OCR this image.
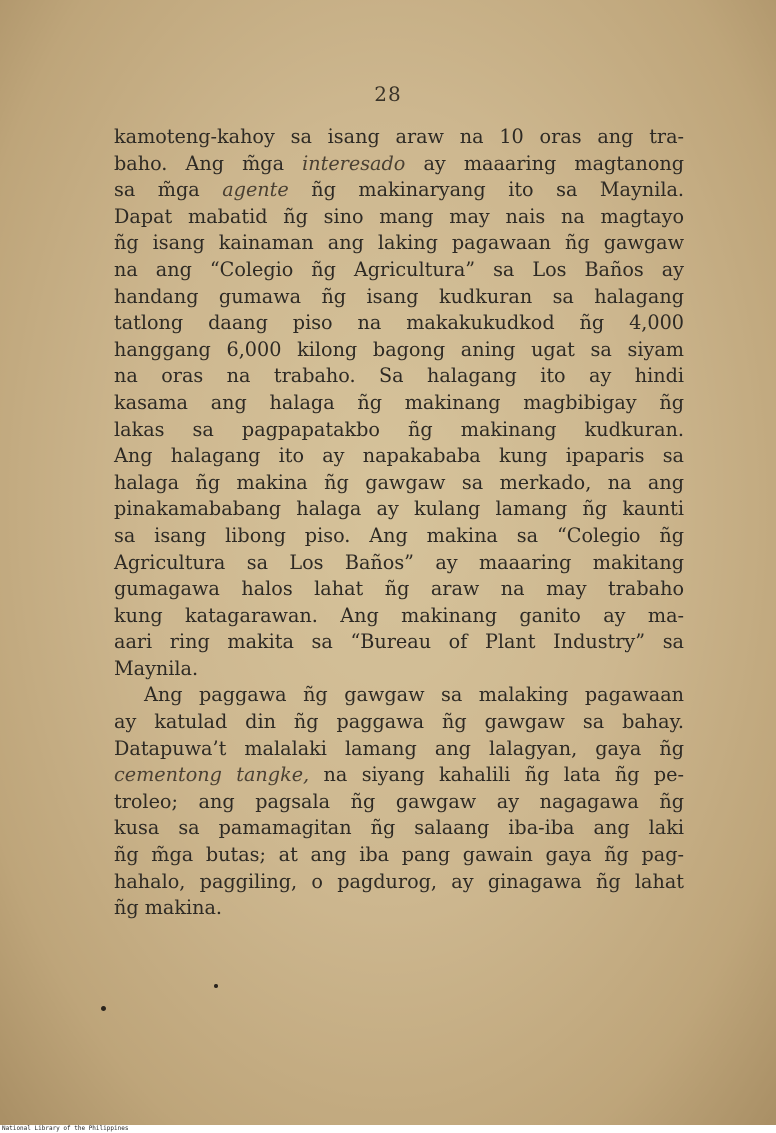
28
kamoteng-kahoy sa isang araw na 10 oras ang tra-
baho. Ang m̃ga interesado ay maaaring magtanong
sa m̃ga agente ñg makinaryang ito sa Maynila.
Dapat mabatid ñg sino mang may nais na magtayo
ñg isang kainaman ang laking pagawaan ñg gawgaw
na ang “Colegio ñg Agricultura” sa Los Baños ay
handang gumawa ñg isang kudkuran sa halagang
tatlong daang piso na makakukudkod ñg 4,000
hanggang 6,000 kilong bagong aning ugat sa siyam
na oras na trabaho. Sa halagang ito ay hindi
kasama ang halaga ñg makinang magbibigay ñg
lakas sa pagpapatakbo ñg makinang kudkuran.
Ang halagang ito ay napakababa kung ipaparis sa
halaga ñg makina ñg gawgaw sa merkado, na ang
pinakamababang halaga ay kulang lamang ñg kaunti
sa isang libong piso. Ang makina sa “Colegio ñg
Agricultura sa Los Baños” ay maaaring makitang
gumagawa halos lahat ñg araw na may trabaho
kung katagarawan. Ang makinang ganito ay ma-
aari ring makita sa “Bureau of Plant Industry” sa
Maynila.
Ang paggawa ñg gawgaw sa malaking pagawaan
ay katulad din ñg paggawa ñg gawgaw sa bahay.
Datapuwa’t malalaki lamang ang lalagyan, gaya ñg
cementong tangke, na siyang kahalili ñg lata ñg pe-
troleo; ang pagsala ñg gawgaw ay nagagawa ñg
kusa sa pamamagitan ñg salaang iba-iba ang laki
ñg m̃ga butas; at ang iba pang gawain gaya ñg pag-
hahalo, paggiling, o pagdurog, ay ginagawa ñg lahat
ñg makina.
National Library of the Philippines
